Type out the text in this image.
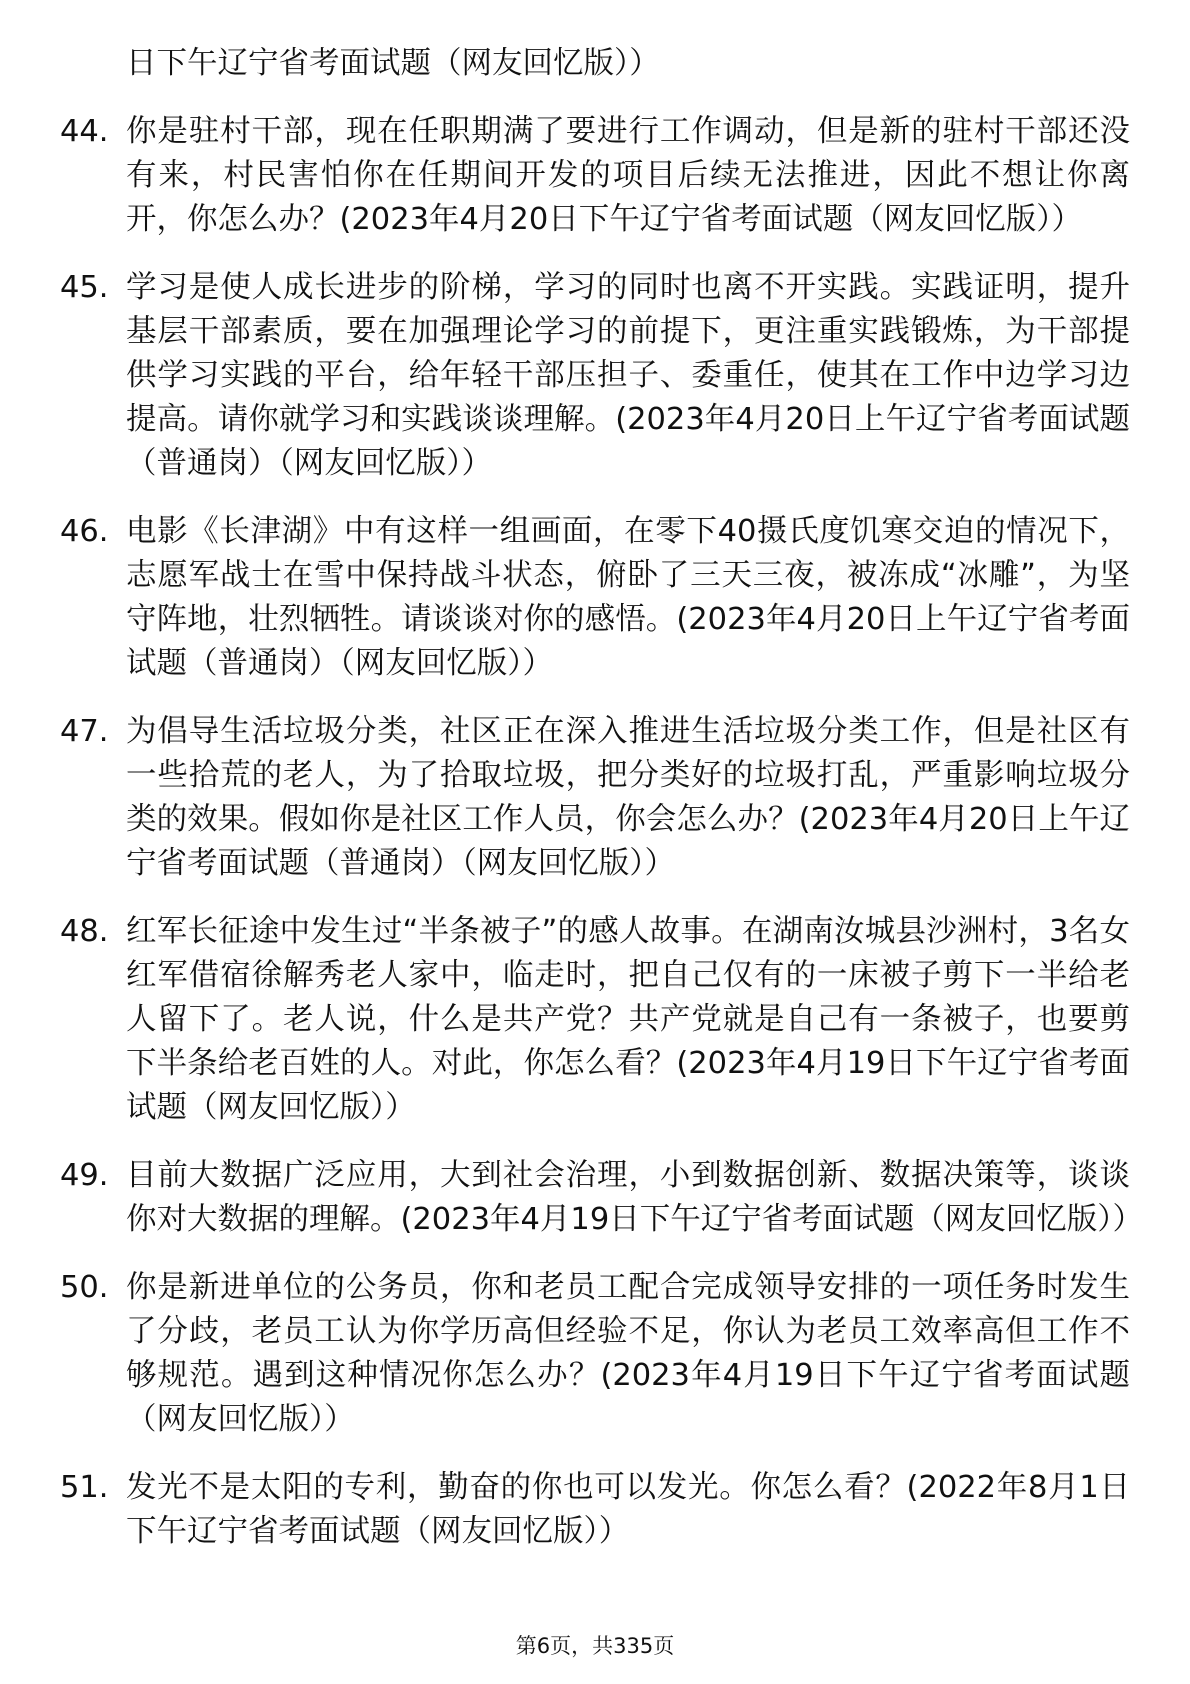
日下午辽宁省考面试题（网友回忆版））
44. 你是驻村干部，现在任职期满了要进行工作调动，但是新的驻村干部还没有来，村民害怕你在任期间开发的项目后续无法推进，因此不想让你离开，你怎么办？(2023年4月20日下午辽宁省考面试题（网友回忆版））
45. 学习是使人成长进步的阶梯，学习的同时也离不开实践。实践证明，提升基层干部素质，要在加强理论学习的前提下，更注重实践锻炼，为干部提供学习实践的平台，给年轻干部压担子、委重任，使其在工作中边学习边提高。请你就学习和实践谈谈理解。(2023年4月20日上午辽宁省考面试题（普通岗）（网友回忆版））
46. 电影《长津湖》中有这样一组画面，在零下40摄氏度饥寒交迫的情况下，志愿军战士在雪中保持战斗状态，俯卧了三天三夜，被冻成“冰雕”，为坚守阵地，壮烈牺牲。请谈谈对你的感悟。(2023年4月20日上午辽宁省考面试题（普通岗）（网友回忆版））
47. 为倡导生活垃圾分类，社区正在深入推进生活垃圾分类工作，但是社区有一些拾荒的老人，为了拾取垃圾，把分类好的垃圾打乱，严重影响垃圾分类的效果。假如你是社区工作人员，你会怎么办？(2023年4月20日上午辽宁省考面试题（普通岗）（网友回忆版））
48. 红军长征途中发生过“半条被子”的感人故事。在湖南汝城县沙洲村，3名女红军借宿徐解秀老人家中，临走时，把自己仅有的一床被子剪下一半给老人留下了。老人说，什么是共产党？共产党就是自己有一条被子，也要剪下半条给老百姓的人。对此，你怎么看？(2023年4月19日下午辽宁省考面试题（网友回忆版））
49. 目前大数据广泛应用，大到社会治理，小到数据创新、数据决策等，谈谈你对大数据的理解。(2023年4月19日下午辽宁省考面试题（网友回忆版））
50. 你是新进单位的公务员，你和老员工配合完成领导安排的一项任务时发生了分歧，老员工认为你学历高但经验不足，你认为老员工效率高但工作不够规范。遇到这种情况你怎么办？(2023年4月19日下午辽宁省考面试题（网友回忆版））
51. 发光不是太阳的专利，勤奋的你也可以发光。你怎么看？(2022年8月1日下午辽宁省考面试题（网友回忆版））
第6页，共335页
